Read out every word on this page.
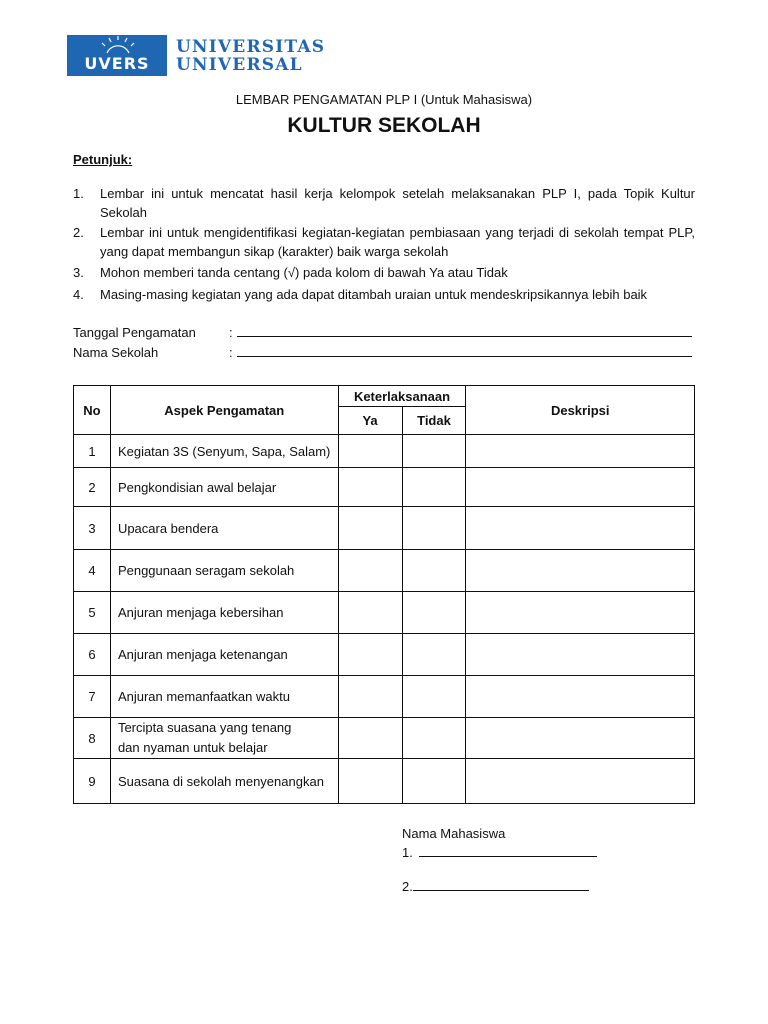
UVERS
UNIVERSITAS
UNIVERSAL
LEMBAR PENGAMATAN PLP I (Untuk Mahasiswa)
KULTUR SEKOLAH
Petunjuk:
1.	Lembar ini untuk mencatat hasil kerja kelompok setelah melaksanakan PLP I, pada Topik Kultur Sekolah
2.	Lembar ini untuk mengidentifikasi kegiatan-kegiatan pembiasaan yang terjadi di sekolah tempat PLP, yang dapat membangun sikap (karakter) baik warga sekolah
3.	Mohon memberi tanda centang (√) pada kolom di bawah Ya atau Tidak
4.	Masing-masing kegiatan yang ada dapat ditambah uraian untuk mendeskripsikannya lebih baik
Tanggal Pengamatan	:
Nama Sekolah	:
No	Aspek Pengamatan	Keterlaksanaan		Deskripsi
		Ya	Tidak	
1	Kegiatan 3S (Senyum, Sapa, Salam)			
2	Pengkondisian awal belajar			
3	Upacara bendera			
4	Penggunaan seragam sekolah			
5	Anjuran menjaga kebersihan			
6	Anjuran menjaga ketenangan			
7	Anjuran memanfaatkan waktu			
8	Tercipta suasana yang tenang
dan nyaman untuk belajar			

9	Suasana di sekolah menyenangkan			
Nama Mahasiswa
1.
2.
